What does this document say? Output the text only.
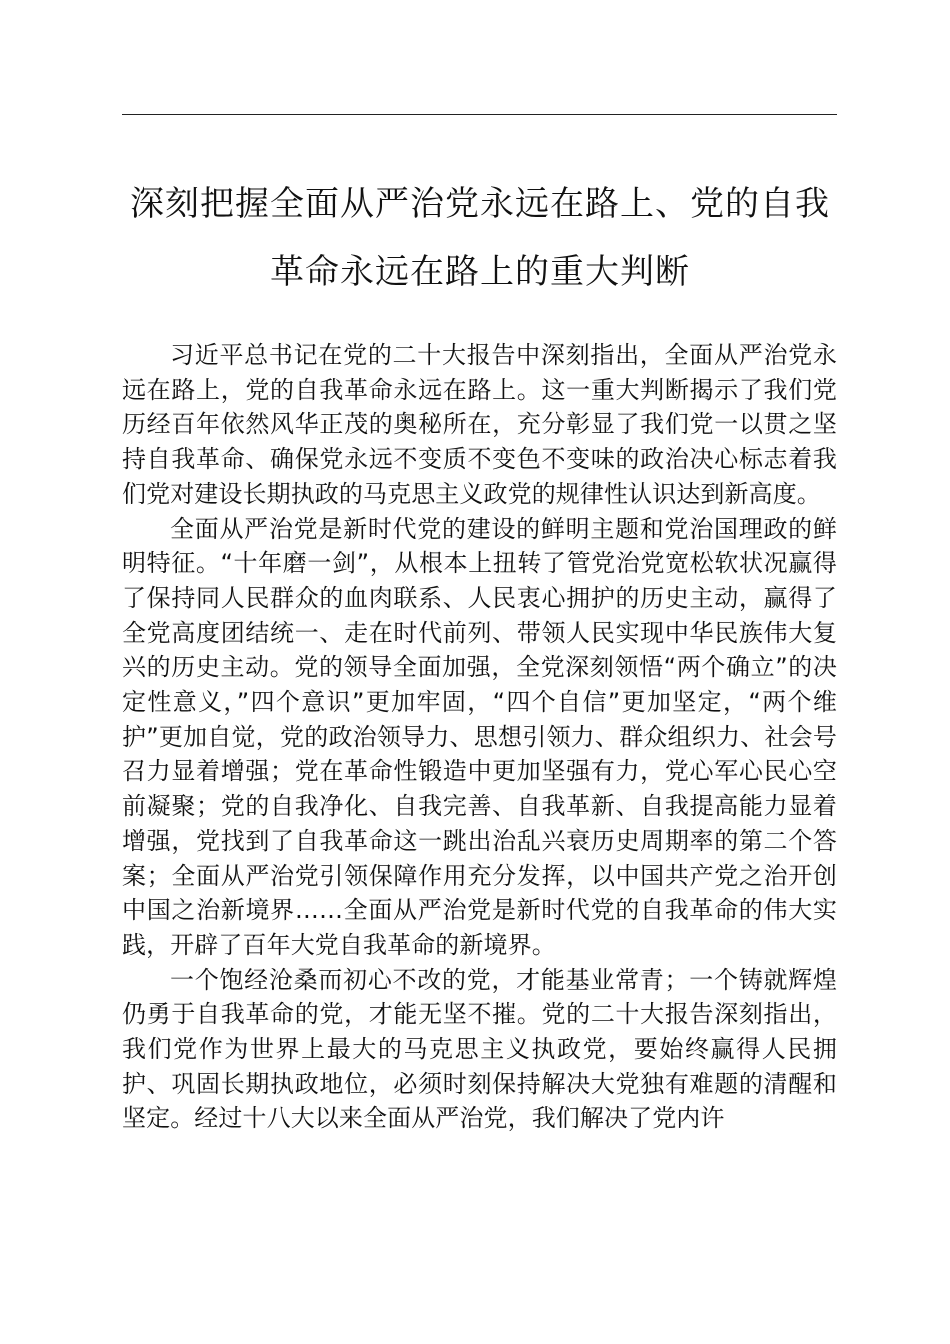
深刻把握全面从严治党永远在路上、党的自我
革命永远在路上的重大判断

习近平总书记在党的二十大报告中深刻指出，全面从严治党永远在路上，党的自我革命永远在路上。这一重大判断揭示了我们党历经百年依然风华正茂的奥秘所在，充分彰显了我们党一以贯之坚持自我革命、确保党永远不变质不变色不变味的政治决心标志着我们党对建设长期执政的马克思主义政党的规律性认识达到新高度。

全面从严治党是新时代党的建设的鲜明主题和党治国理政的鲜明特征。“十年磨一剑”，从根本上扭转了管党治党宽松软状况赢得了保持同人民群众的血肉联系、人民衷心拥护的历史主动，赢得了全党高度团结统一、走在时代前列、带领人民实现中华民族伟大复兴的历史主动。党的领导全面加强，全党深刻领悟“两个确立”的决定性意义，”四个意识”更加牢固，“四个自信”更加坚定，“两个维护”更加自觉，党的政治领导力、思想引领力、群众组织力、社会号召力显着增强；党在革命性锻造中更加坚强有力，党心军心民心空前凝聚；党的自我净化、自我完善、自我革新、自我提高能力显着增强，党找到了自我革命这一跳出治乱兴衰历史周期率的第二个答案；全面从严治党引领保障作用充分发挥，以中国共产党之治开创中国之治新境界……全面从严治党是新时代党的自我革命的伟大实践，开辟了百年大党自我革命的新境界。

一个饱经沧桑而初心不改的党，才能基业常青；一个铸就辉煌仍勇于自我革命的党，才能无坚不摧。党的二十大报告深刻指出，我们党作为世界上最大的马克思主义执政党，要始终赢得人民拥护、巩固长期执政地位，必须时刻保持解决大党独有难题的清醒和坚定。经过十八大以来全面从严治党，我们解决了党内许
